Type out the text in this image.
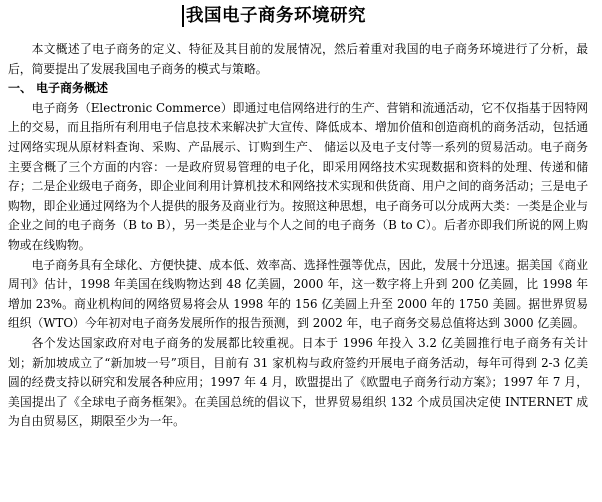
我国电子商务环境研究

本文概述了电子商务的定义、特征及其目前的发展情况，然后着重对我国的电子商务环境进行了分析，最后，简要提出了发展我国电子商务的模式与策略。

一、 电子商务概述

电子商务（Electronic Commerce）即通过电信网络进行的生产、营销和流通活动，它不仅指基于因特网上的交易，而且指所有利用电子信息技术来解决扩大宣传、降低成本、增加价值和创造商机的商务活动，包括通过网络实现从原材料查询、采购、产品展示、订购到生产、 储运以及电子支付等一系列的贸易活动。电子商务主要含概了三个方面的内容：一是政府贸易管理的电子化，即采用网络技术实现数据和资料的处理、传递和储存；二是企业级电子商务，即企业间利用计算机技术和网络技术实现和供货商、用户之间的商务活动；三是电子购物，即企业通过网络为个人提供的服务及商业行为。按照这种思想，电子商务可以分成两大类：一类是企业与企业之间的电子商务（B to B），另一类是企业与个人之间的电子商务（B to C）。后者亦即我们所说的网上购物或在线购物。

电子商务具有全球化、方便快捷、成本低、效率高、选择性强等优点，因此，发展十分迅速。据美国《商业周刊》估计，1998 年美国在线购物达到 48 亿美圆，2000 年，这一数字将上升到 200 亿美圆，比 1998 年增加 23%。商业机构间的网络贸易将会从 1998 年的 156 亿美圆上升至 2000 年的 1750 美圆。据世界贸易组织（WTO）今年初对电子商务发展所作的报告预测，到 2002 年，电子商务交易总值将达到 3000 亿美圆。

各个发达国家政府对电子商务的发展都比较重视。日本于 1996 年投入 3.2 亿美圆推行电子商务有关计划；新加坡成立了“新加坡一号”项目，目前有 31 家机构与政府签约开展电子商务活动，每年可得到 2-3 亿美圆的经费支持以研究和发展各种应用；1997 年 4 月，欧盟提出了《欧盟电子商务行动方案》；1997 年 7 月，美国提出了《全球电子商务框架》。在美国总统的倡议下，世界贸易组织 132 个成员国决定使 INTERNET 成为自由贸易区，期限至少为一年。
